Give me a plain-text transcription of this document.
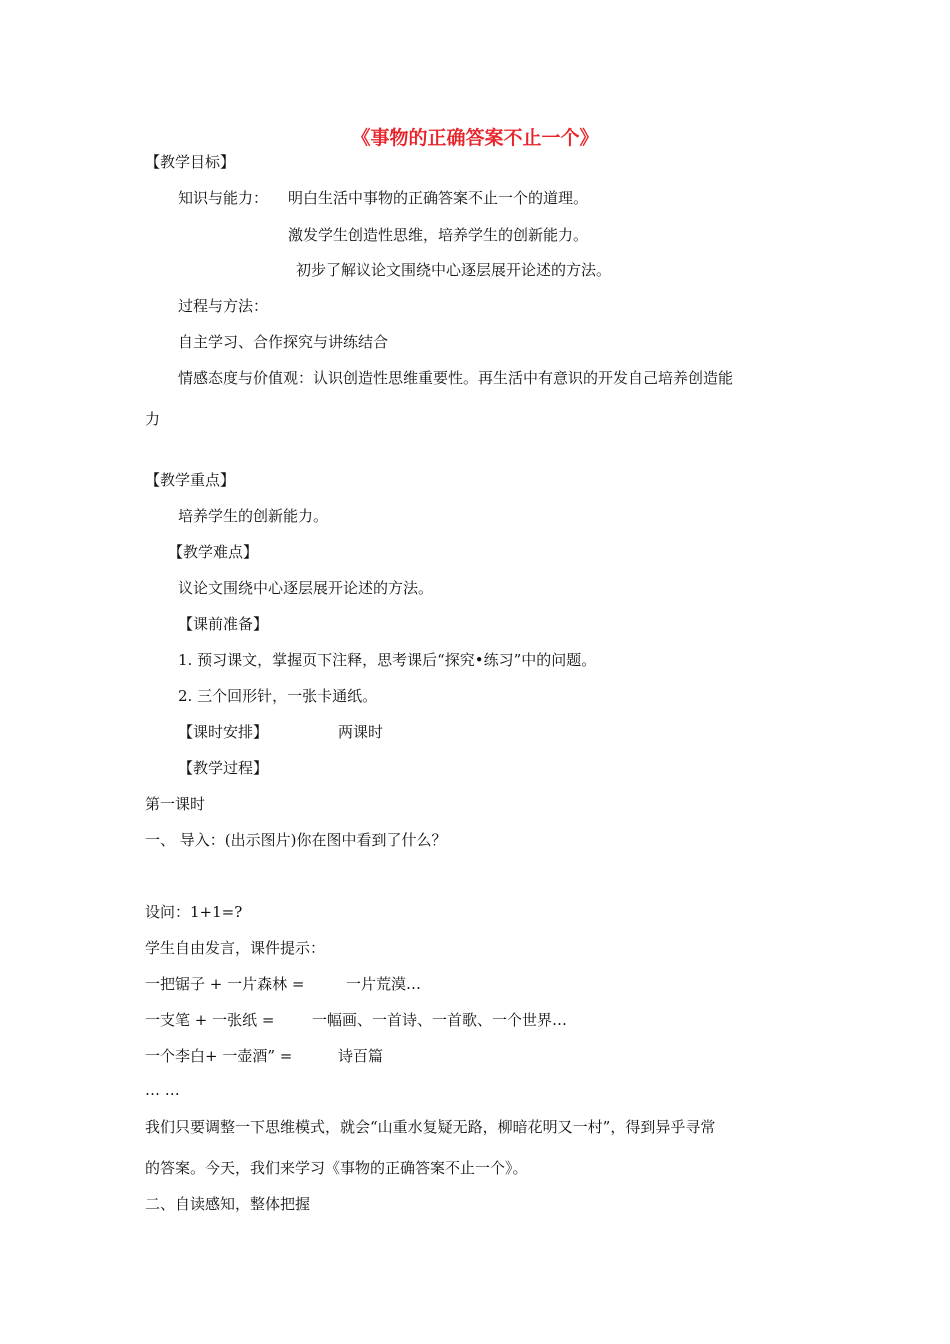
《事物的正确答案不止一个》
【教学目标】
知识与能力： 明白生活中事物的正确答案不止一个的道理。
激发学生创造性思维，培养学生的创新能力。
初步了解议论文围绕中心逐层展开论述的方法。
过程与方法：
自主学习、合作探究与讲练结合
情感态度与价值观：认识创造性思维重要性。再生活中有意识的开发自己培养创造能
力
【教学重点】
培养学生的创新能力。
【教学难点】
议论文围绕中心逐层展开论述的方法。
【课前准备】
1. 预习课文，掌握页下注释，思考课后“探究•练习”中的问题。
2. 三个回形针，一张卡通纸。
【课时安排】	两课时
【教学过程】
第一课时
一、 导入：(出示图片)你在图中看到了什么？
设问：1+1=?
学生自由发言，课件提示：
一把锯子 + 一片森林 =	一片荒漠…
一支笔 + 一张纸 =	一幅画、一首诗、一首歌、一个世界…
一个李白+ 一壶酒” =	诗百篇
… …
我们只要调整一下思维模式，就会“山重水复疑无路，柳暗花明又一村”，得到异乎寻常
的答案。今天，我们来学习《事物的正确答案不止一个》。
二、自读感知，整体把握
